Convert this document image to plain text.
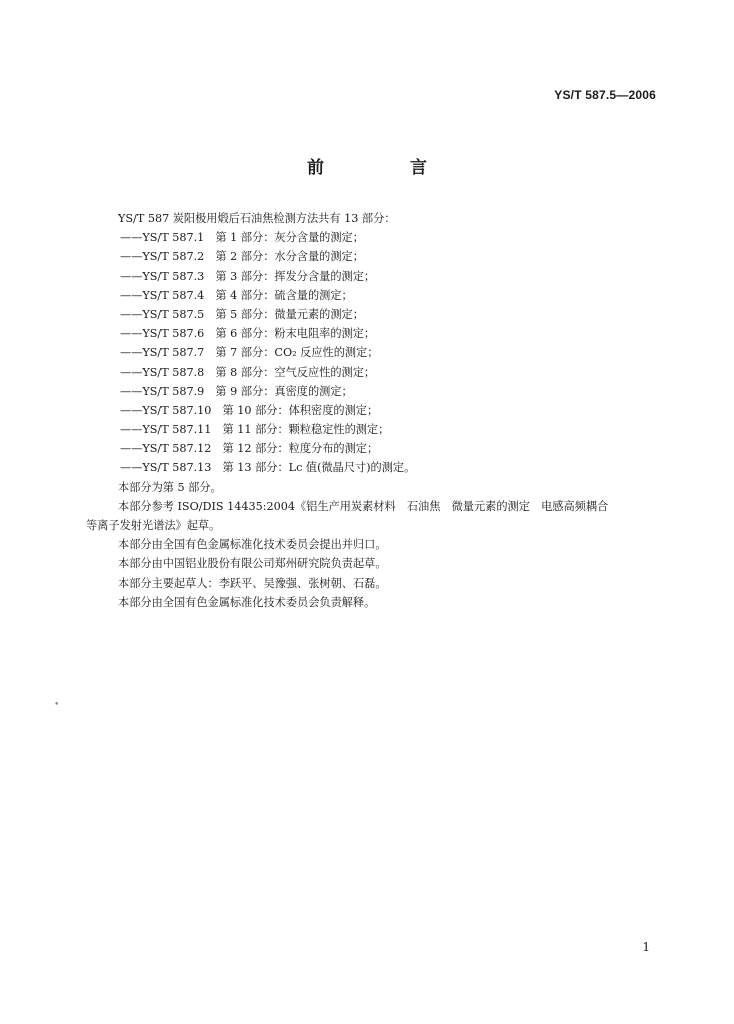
YS/T 587.5—2006
前 言
YS/T 587 炭阳极用煅后石油焦检测方法共有 13 部分：
——YS/T 587.1　第 1 部分：灰分含量的测定；
——YS/T 587.2　第 2 部分：水分含量的测定；
——YS/T 587.3　第 3 部分：挥发分含量的测定；
——YS/T 587.4　第 4 部分：硫含量的测定；
——YS/T 587.5　第 5 部分：微量元素的测定；
——YS/T 587.6　第 6 部分：粉末电阻率的测定；
——YS/T 587.7　第 7 部分：CO₂ 反应性的测定；
——YS/T 587.8　第 8 部分：空气反应性的测定；
——YS/T 587.9　第 9 部分：真密度的测定；
——YS/T 587.10　第 10 部分：体积密度的测定；
——YS/T 587.11　第 11 部分：颗粒稳定性的测定；
——YS/T 587.12　第 12 部分：粒度分布的测定；
——YS/T 587.13　第 13 部分：Lc 值(微晶尺寸)的测定。
本部分为第 5 部分。
本部分参考 ISO/DIS 14435:2004《铝生产用炭素材料　石油焦　微量元素的测定　电感高频耦合
等离子发射光谱法》起草。
本部分由全国有色金属标准化技术委员会提出并归口。
本部分由中国铝业股份有限公司郑州研究院负责起草。
本部分主要起草人：李跃平、吴豫强、张树朝、石磊。
本部分由全国有色金属标准化技术委员会负责解释。
•
1
